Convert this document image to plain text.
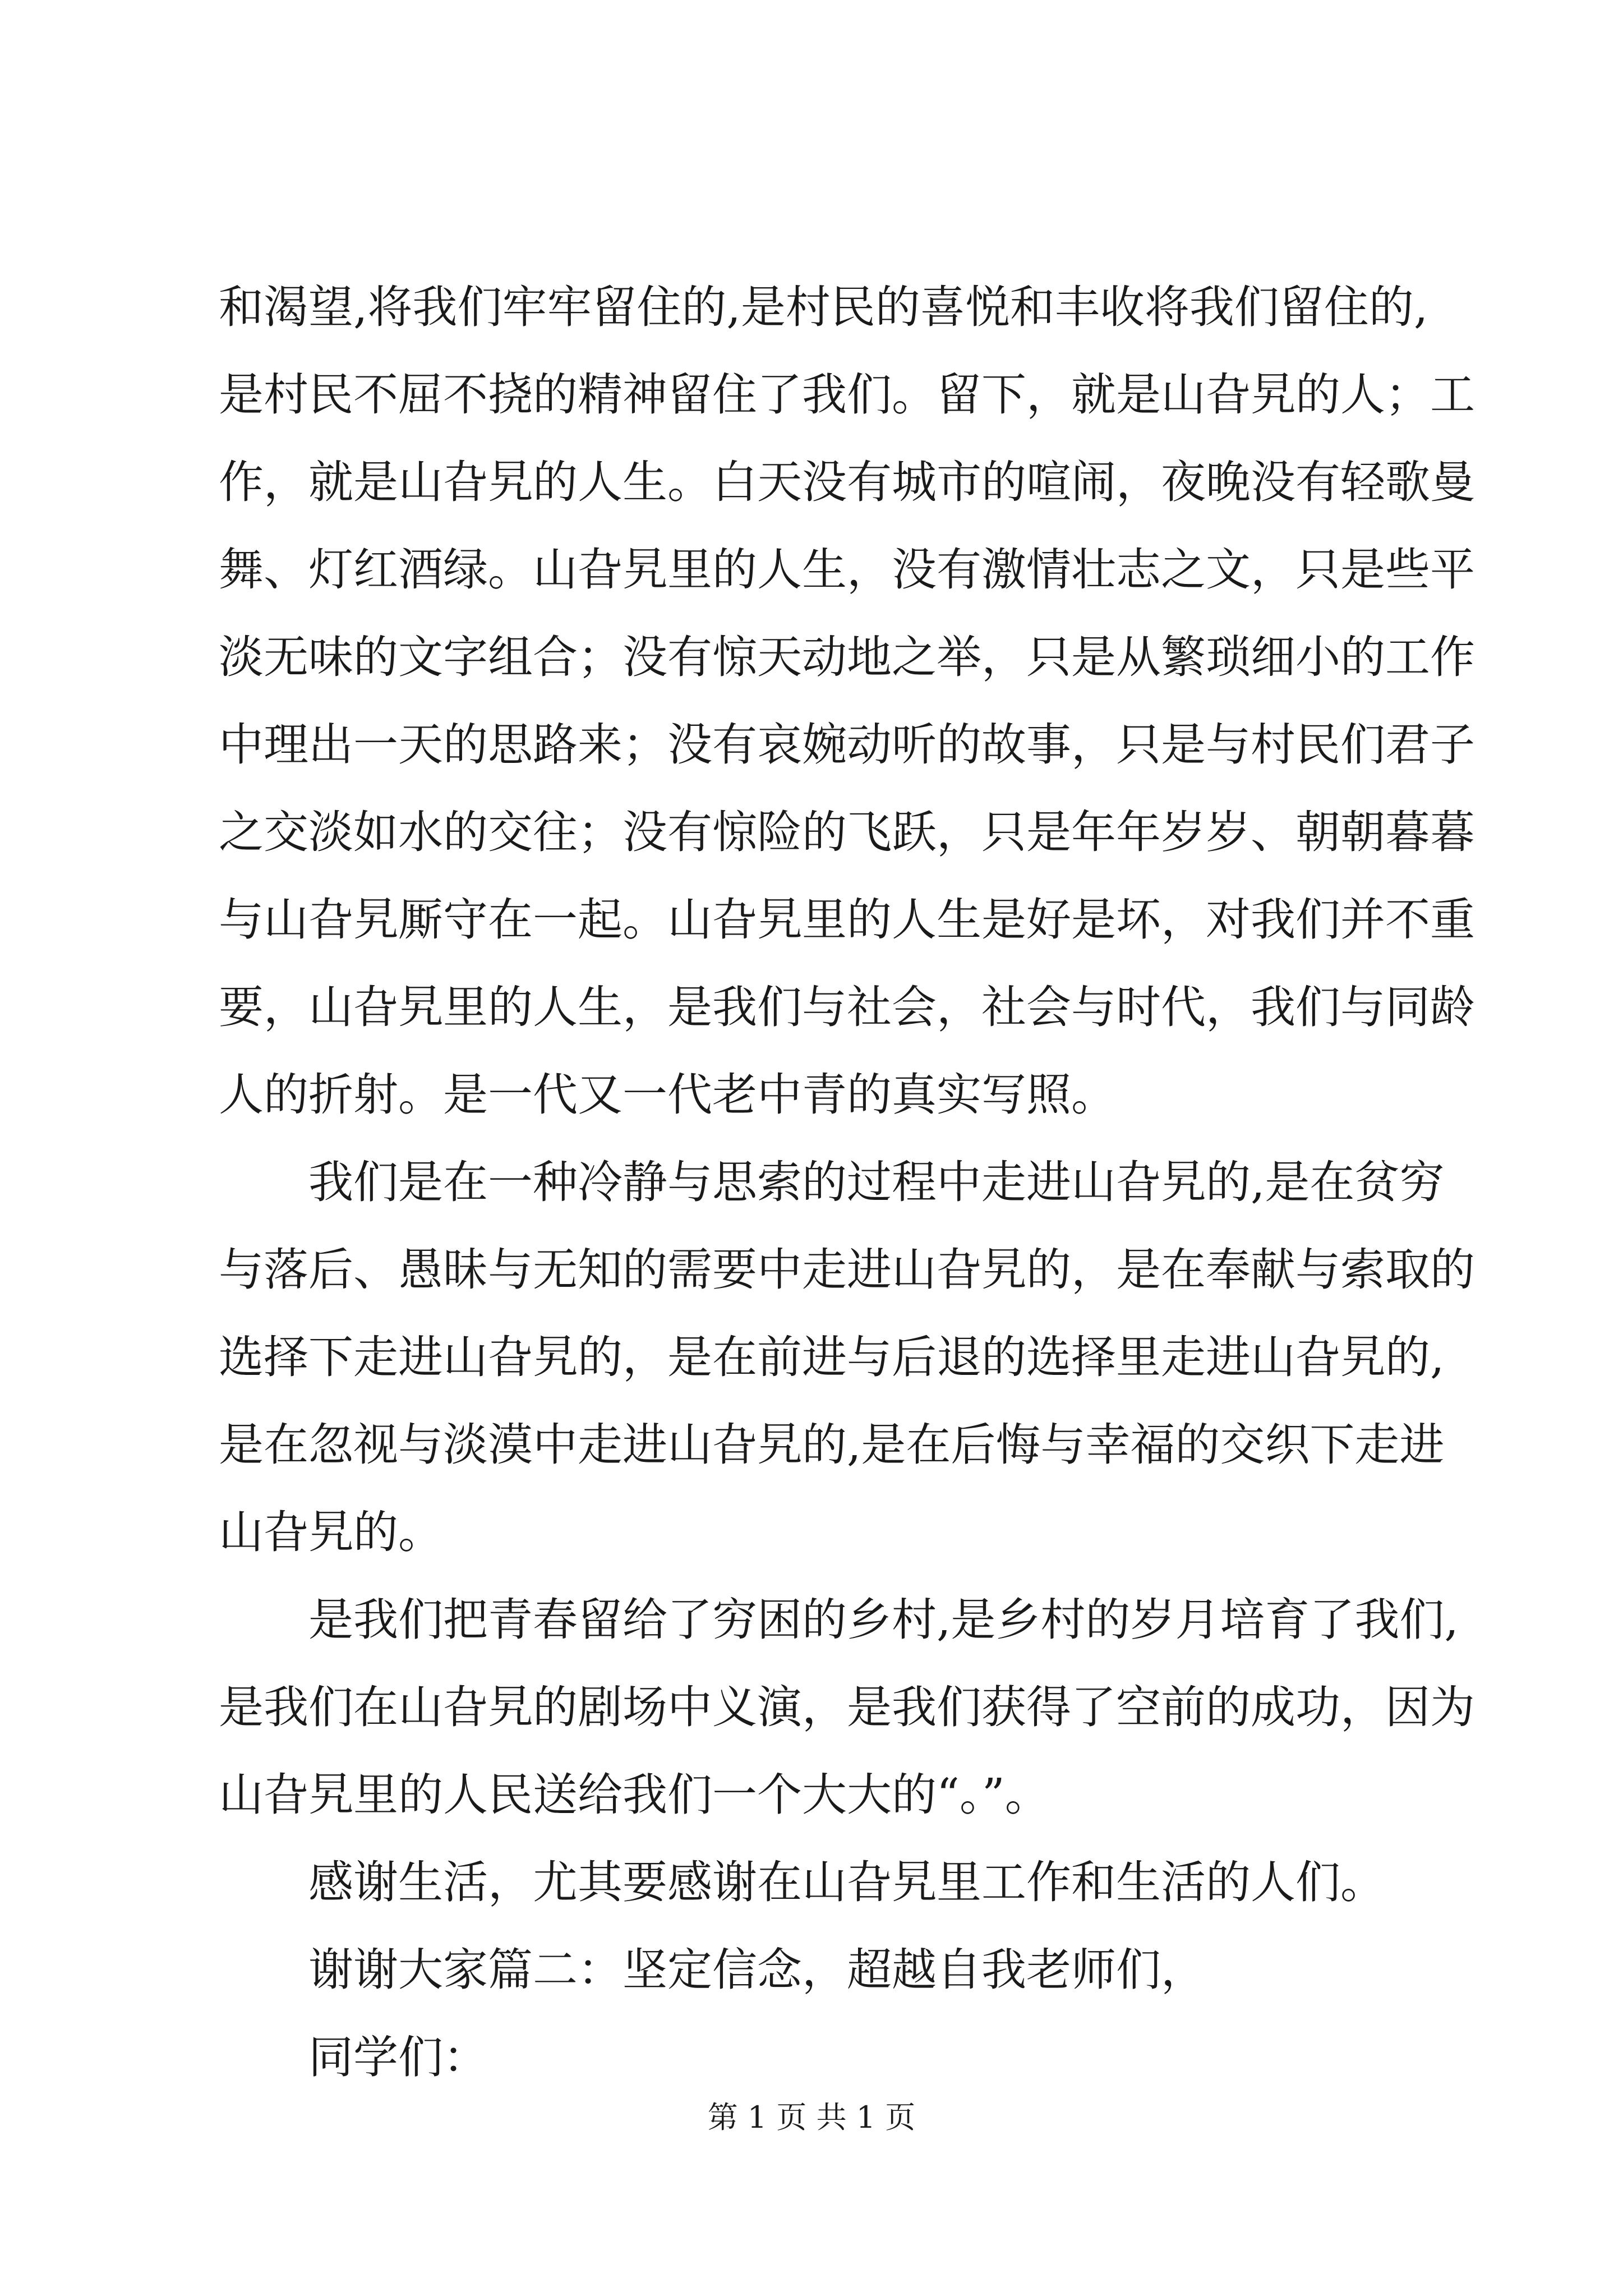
和渴望,将我们牢牢留住的,是村民的喜悦和丰收将我们留住的,
是村民不屈不挠的精神留住了我们。留下，就是山旮旯的人；工
作，就是山旮旯的人生。白天没有城市的喧闹，夜晚没有轻歌曼
舞、灯红酒绿。山旮旯里的人生，没有激情壮志之文，只是些平
淡无味的文字组合；没有惊天动地之举，只是从繁琐细小的工作
中理出一天的思路来；没有哀婉动听的故事，只是与村民们君子
之交淡如水的交往；没有惊险的飞跃，只是年年岁岁、朝朝暮暮
与山旮旯厮守在一起。山旮旯里的人生是好是坏，对我们并不重
要，山旮旯里的人生，是我们与社会，社会与时代，我们与同龄
人的折射。是一代又一代老中青的真实写照。
我们是在一种冷静与思索的过程中走进山旮旯的,是在贫穷
与落后、愚昧与无知的需要中走进山旮旯的，是在奉献与索取的
选择下走进山旮旯的，是在前进与后退的选择里走进山旮旯的,
是在忽视与淡漠中走进山旮旯的,是在后悔与幸福的交织下走进
山旮旯的。
是我们把青春留给了穷困的乡村,是乡村的岁月培育了我们,
是我们在山旮旯的剧场中义演，是我们获得了空前的成功，因为
山旮旯里的人民送给我们一个大大的“。”。
感谢生活，尤其要感谢在山旮旯里工作和生活的人们。
谢谢大家篇二：坚定信念，超越自我老师们，
同学们：
第 1 页 共 1 页
